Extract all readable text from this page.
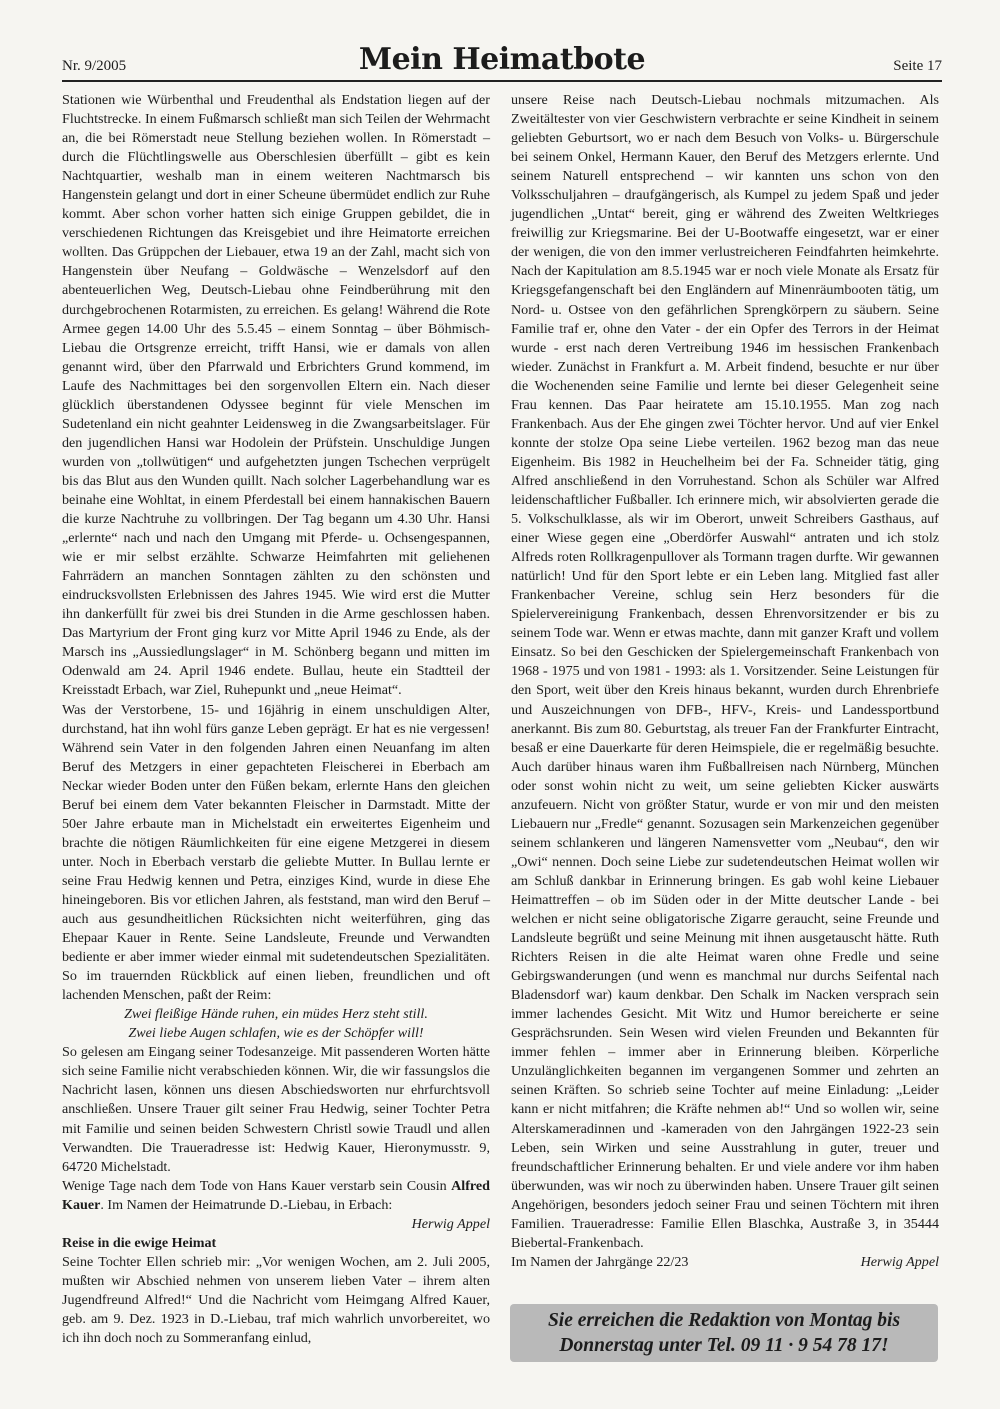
Nr. 9/2005	Mein Heimatbote	Seite 17

Stationen wie Würbenthal und Freudenthal als Endstation liegen auf der Fluchtstrecke. In einem Fußmarsch schließt man sich Teilen der Wehrmacht an, die bei Römerstadt neue Stellung beziehen wollen. In Römerstadt – durch die Flüchtlingswelle aus Oberschlesien überfüllt – gibt es kein Nachtquartier, weshalb man in einem weiteren Nachtmarsch bis Hangenstein gelangt und dort in einer Scheune übermüdet endlich zur Ruhe kommt. Aber schon vorher hatten sich einige Gruppen gebildet, die in verschiedenen Richtungen das Kreisgebiet und ihre Heimatorte erreichen wollten. Das Grüppchen der Liebauer, etwa 19 an der Zahl, macht sich von Hangenstein über Neufang – Goldwäsche – Wenzelsdorf auf den abenteuerlichen Weg, Deutsch-Liebau ohne Feindberührung mit den durchgebrochenen Rotarmisten, zu erreichen. Es gelang! Während die Rote Armee gegen 14.00 Uhr des 5.5.45 – einem Sonntag – über Böhmisch-Liebau die Ortsgrenze erreicht, trifft Hansi, wie er damals von allen genannt wird, über den Pfarrwald und Erbrichters Grund kommend, im Laufe des Nachmittages bei den sorgenvollen Eltern ein. Nach dieser glücklich überstandenen Odyssee beginnt für viele Menschen im Sudetenland ein nicht geahnter Leidensweg in die Zwangsarbeitslager. Für den jugendlichen Hansi war Hodolein der Prüfstein. Unschuldige Jungen wurden von „tollwütigen“ und aufgehetzten jungen Tschechen verprügelt bis das Blut aus den Wunden quillt. Nach solcher Lagerbehandlung war es beinahe eine Wohltat, in einem Pferdestall bei einem hannakischen Bauern die kurze Nachtruhe zu vollbringen. Der Tag begann um 4.30 Uhr. Hansi „erlernte“ nach und nach den Umgang mit Pferde- u. Ochsengespannen, wie er mir selbst erzählte. Schwarze Heimfahrten mit geliehenen Fahrrädern an manchen Sonntagen zählten zu den schönsten und eindrucksvollsten Erlebnissen des Jahres 1945. Wie wird erst die Mutter ihn dankerfüllt für zwei bis drei Stunden in die Arme geschlossen haben. Das Martyrium der Front ging kurz vor Mitte April 1946 zu Ende, als der Marsch ins „Aussiedlungslager“ in M. Schönberg begann und mitten im Odenwald am 24. April 1946 endete. Bullau, heute ein Stadtteil der Kreisstadt Erbach, war Ziel, Ruhepunkt und „neue Heimat“.

Was der Verstorbene, 15- und 16jährig in einem unschuldigen Alter, durchstand, hat ihn wohl fürs ganze Leben geprägt. Er hat es nie vergessen! Während sein Vater in den folgenden Jahren einen Neuanfang im alten Beruf des Metzgers in einer gepachteten Fleischerei in Eberbach am Neckar wieder Boden unter den Füßen bekam, erlernte Hans den gleichen Beruf bei einem dem Vater bekannten Fleischer in Darmstadt. Mitte der 50er Jahre erbaute man in Michelstadt ein erweitertes Eigenheim und brachte die nötigen Räumlichkeiten für eine eigene Metzgerei in diesem unter. Noch in Eberbach verstarb die geliebte Mutter. In Bullau lernte er seine Frau Hedwig kennen und Petra, einziges Kind, wurde in diese Ehe hineingeboren. Bis vor etlichen Jahren, als feststand, man wird den Beruf – auch aus gesundheitlichen Rücksichten nicht weiterführen, ging das Ehepaar Kauer in Rente. Seine Landsleute, Freunde und Verwandten bediente er aber immer wieder einmal mit sudetendeutschen Spezialitäten. So im trauernden Rückblick auf einen lieben, freundlichen und oft lachenden Menschen, paßt der Reim:

Zwei fleißige Hände ruhen, ein müdes Herz steht still.

Zwei liebe Augen schlafen, wie es der Schöpfer will!

So gelesen am Eingang seiner Todesanzeige. Mit passenderen Worten hätte sich seine Familie nicht verabschieden können. Wir, die wir fassungslos die Nachricht lasen, können uns diesen Abschiedsworten nur ehrfurchtsvoll anschließen. Unsere Trauer gilt seiner Frau Hedwig, seiner Tochter Petra mit Familie und seinen beiden Schwestern Christl sowie Traudl und allen Verwandten. Die Traueradresse ist: Hedwig Kauer, Hieronymusstr. 9, 64720 Michelstadt.

Wenige Tage nach dem Tode von Hans Kauer verstarb sein Cousin Alfred Kauer. Im Namen der Heimatrunde D.-Liebau, in Erbach:

Herwig Appel

Reise in die ewige Heimat

Seine Tochter Ellen schrieb mir: „Vor wenigen Wochen, am 2. Juli 2005, mußten wir Abschied nehmen von unserem lieben Vater – ihrem alten Jugendfreund Alfred!“ Und die Nachricht vom Heimgang Alfred Kauer, geb. am 9. Dez. 1923 in D.-Liebau, traf mich wahrlich unvorbereitet, wo ich ihn doch noch zu Sommeranfang einlud,

unsere Reise nach Deutsch-Liebau nochmals mitzumachen. Als Zweitältester von vier Geschwistern verbrachte er seine Kindheit in seinem geliebten Geburtsort, wo er nach dem Besuch von Volks- u. Bürgerschule bei seinem Onkel, Hermann Kauer, den Beruf des Metzgers erlernte. Und seinem Naturell entsprechend – wir kannten uns schon von den Volksschuljahren – draufgängerisch, als Kumpel zu jedem Spaß und jeder jugendlichen „Untat“ bereit, ging er während des Zweiten Weltkrieges freiwillig zur Kriegsmarine. Bei der U-Bootwaffe eingesetzt, war er einer der wenigen, die von den immer verlustreicheren Feindfahrten heimkehrte. Nach der Kapitulation am 8.5.1945 war er noch viele Monate als Ersatz für Kriegsgefangenschaft bei den Engländern auf Minenräumbooten tätig, um Nord- u. Ostsee von den gefährlichen Sprengkörpern zu säubern. Seine Familie traf er, ohne den Vater - der ein Opfer des Terrors in der Heimat wurde - erst nach deren Vertreibung 1946 im hessischen Frankenbach wieder. Zunächst in Frankfurt a. M. Arbeit findend, besuchte er nur über die Wochenenden seine Familie und lernte bei dieser Gelegenheit seine Frau kennen. Das Paar heiratete am 15.10.1955. Man zog nach Frankenbach. Aus der Ehe gingen zwei Töchter hervor. Und auf vier Enkel konnte der stolze Opa seine Liebe verteilen. 1962 bezog man das neue Eigenheim. Bis 1982 in Heuchelheim bei der Fa. Schneider tätig, ging Alfred anschließend in den Vorruhestand. Schon als Schüler war Alfred leidenschaftlicher Fußballer. Ich erinnere mich, wir absolvierten gerade die 5. Volkschulklasse, als wir im Oberort, unweit Schreibers Gasthaus, auf einer Wiese gegen eine „Oberdörfer Auswahl“ antraten und ich stolz Alfreds roten Rollkragenpullover als Tormann tragen durfte. Wir gewannen natürlich! Und für den Sport lebte er ein Leben lang. Mitglied fast aller Frankenbacher Vereine, schlug sein Herz besonders für die Spielervereinigung Frankenbach, dessen Ehrenvorsitzender er bis zu seinem Tode war. Wenn er etwas machte, dann mit ganzer Kraft und vollem Einsatz. So bei den Geschicken der Spielergemeinschaft Frankenbach von 1968 - 1975 und von 1981 - 1993: als 1. Vorsitzender. Seine Leistungen für den Sport, weit über den Kreis hinaus bekannt, wurden durch Ehrenbriefe und Auszeichnungen von DFB-, HFV-, Kreis- und Landessportbund anerkannt. Bis zum 80. Geburtstag, als treuer Fan der Frankfurter Eintracht, besaß er eine Dauerkarte für deren Heimspiele, die er regelmäßig besuchte. Auch darüber hinaus waren ihm Fußballreisen nach Nürnberg, München oder sonst wohin nicht zu weit, um seine geliebten Kicker auswärts anzufeuern. Nicht von größter Statur, wurde er von mir und den meisten Liebauern nur „Fredle“ genannt. Sozusagen sein Markenzeichen gegenüber seinem schlankeren und längeren Namensvetter vom „Neubau“, den wir „Owi“ nennen. Doch seine Liebe zur sudetendeutschen Heimat wollen wir am Schluß dankbar in Erinnerung bringen. Es gab wohl keine Liebauer Heimattreffen – ob im Süden oder in der Mitte deutscher Lande - bei welchen er nicht seine obligatorische Zigarre geraucht, seine Freunde und Landsleute begrüßt und seine Meinung mit ihnen ausgetauscht hätte. Ruth Richters Reisen in die alte Heimat waren ohne Fredle und seine Gebirgswanderungen (und wenn es manchmal nur durchs Seifental nach Bladensdorf war) kaum denkbar. Den Schalk im Nacken versprach sein immer lachendes Gesicht. Mit Witz und Humor bereicherte er seine Gesprächsrunden. Sein Wesen wird vielen Freunden und Bekannten für immer fehlen – immer aber in Erinnerung bleiben. Körperliche Unzulänglichkeiten begannen im vergangenen Sommer und zehrten an seinen Kräften. So schrieb seine Tochter auf meine Einladung: „Leider kann er nicht mitfahren; die Kräfte nehmen ab!“ Und so wollen wir, seine Alterskameradinnen und -kameraden von den Jahrgängen 1922-23 sein Leben, sein Wirken und seine Ausstrahlung in guter, treuer und freundschaftlicher Erinnerung behalten. Er und viele andere vor ihm haben überwunden, was wir noch zu überwinden haben. Unsere Trauer gilt seinen Angehörigen, besonders jedoch seiner Frau und seinen Töchtern mit ihren Familien. Traueradresse: Familie Ellen Blaschka, Austraße 3, in 35444 Biebertal-Frankenbach.

Im Namen der Jahrgänge 22/23	Herwig Appel
Sie erreichen die Redaktion von Montag bis
Donnerstag unter Tel. 09 11 · 9 54 78 17!
